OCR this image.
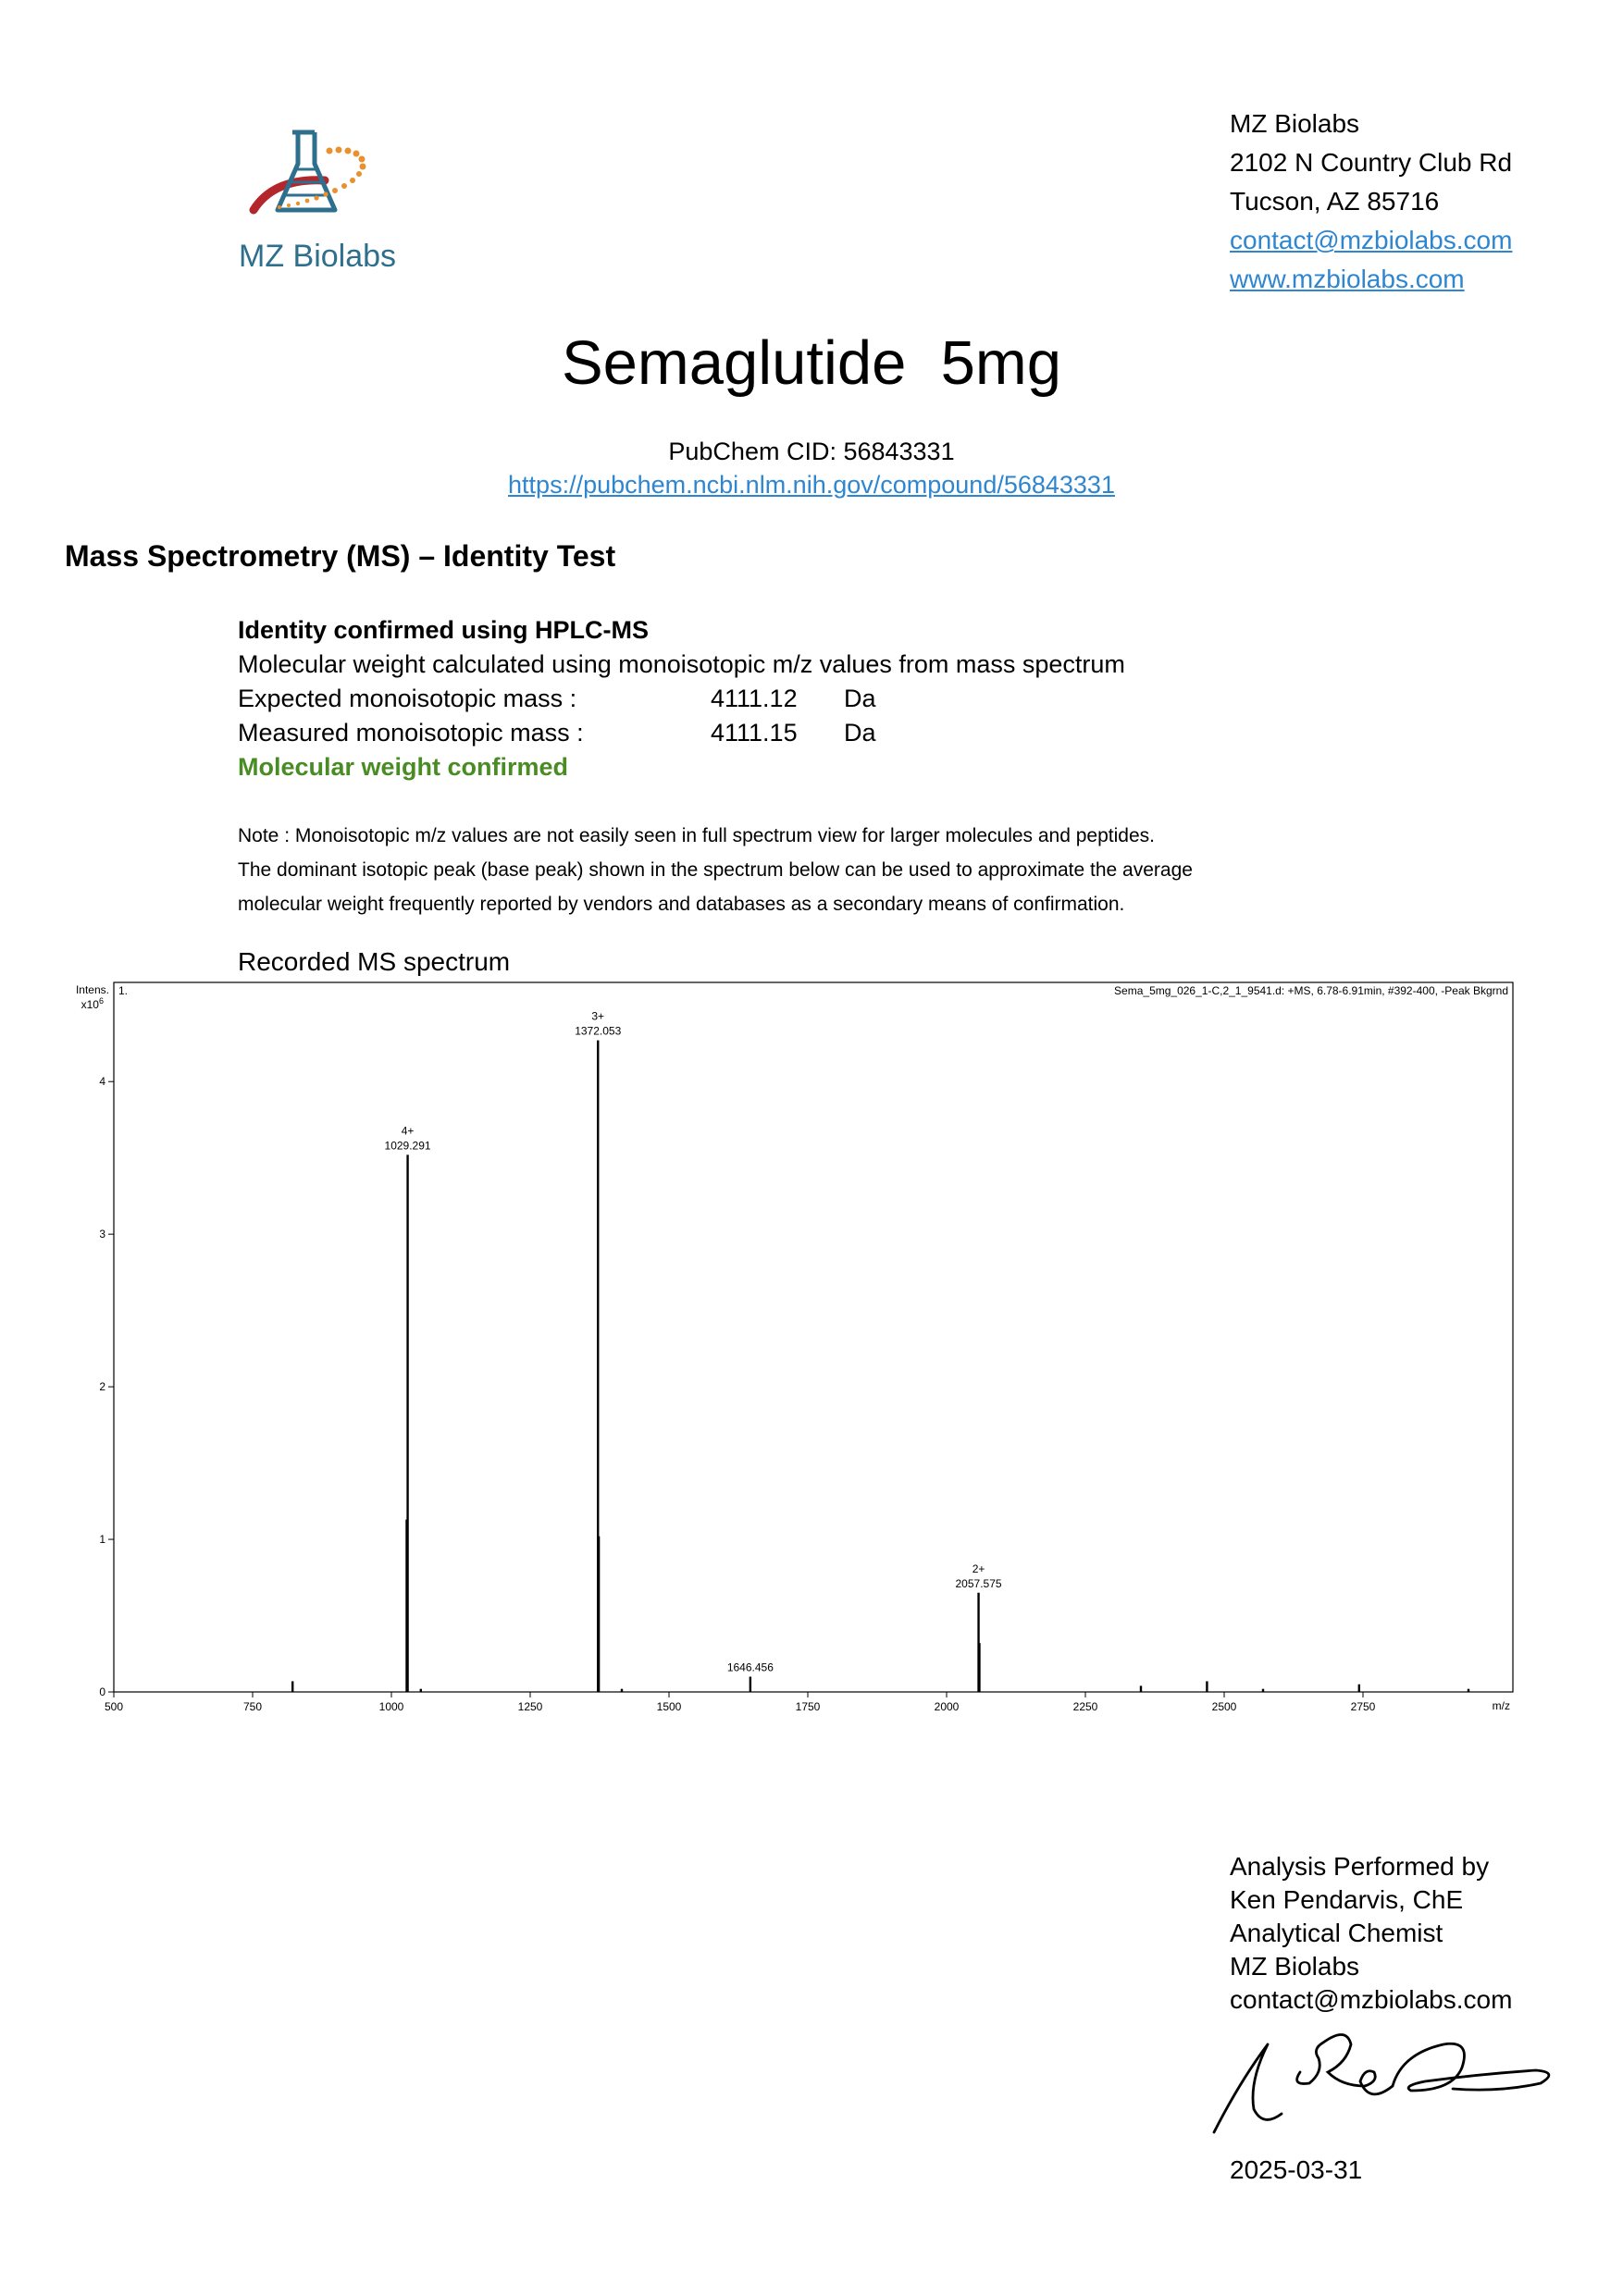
MZ Biolabs
MZ Biolabs
2102 N Country Club Rd
Tucson, AZ 85716
contact@mzbiolabs.com
www.mzbiolabs.com
Semaglutide  5mg
PubChem CID: 56843331
https://pubchem.ncbi.nlm.nih.gov/compound/56843331
Mass Spectrometry (MS) – Identity Test
Identity confirmed using HPLC-MS
Molecular weight calculated using monoisotopic m/z values from mass spectrum
Expected monoisotopic mass :	4111.12 Da
Measured monoisotopic mass :	4111.15 Da
Molecular weight confirmed
Note : Monoisotopic m/z values are not easily seen in full spectrum view for larger molecules and peptides.
The dominant isotopic peak (base peak) shown in the spectrum below can be used to approximate the average
molecular weight frequently reported by vendors and databases as a secondary means of confirmation.
Recorded MS spectrum
Intens.
$x10^6$
1.	Sema_5mg_026_1-C,2_1_9541.d: +MS, 6.78-6.91min, #392-400, -Peak Bkgrnd
m/z
500	750	1000	1250	1500	1750	2000	2250	2500	2750
0
1
2
3
4
1029.291
4+
1372.053
3+
1646.456
2057.575
2+
Analysis Performed by
Ken Pendarvis, ChE
Analytical Chemist
MZ Biolabs
contact@mzbiolabs.com
2025-03-31
